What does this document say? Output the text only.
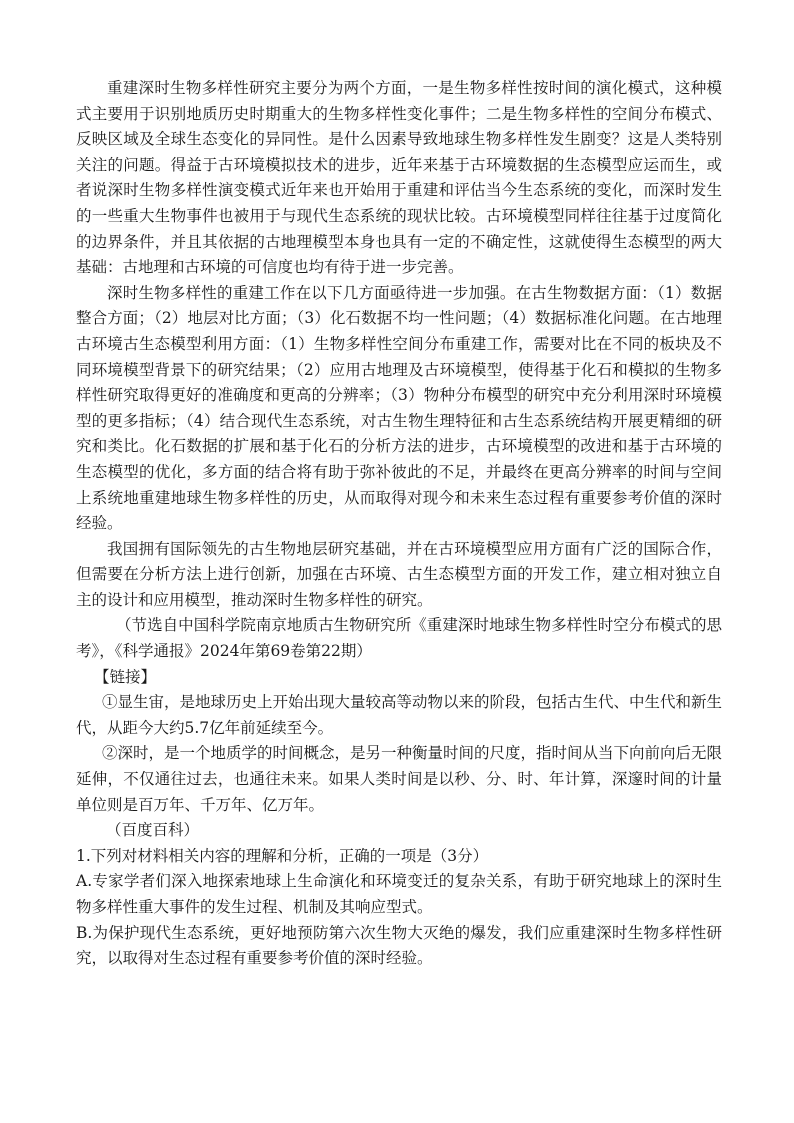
重建深时生物多样性研究主要分为两个方面，一是生物多样性按时间的演化模式，这种模式主要用于识别地质历史时期重大的生物多样性变化事件；二是生物多样性的空间分布模式、反映区域及全球生态变化的异同性。是什么因素导致地球生物多样性发生剧变？这是人类特别关注的问题。得益于古环境模拟技术的进步，近年来基于古环境数据的生态模型应运而生，或者说深时生物多样性演变模式近年来也开始用于重建和评估当今生态系统的变化，而深时发生的一些重大生物事件也被用于与现代生态系统的现状比较。古环境模型同样往往基于过度简化的边界条件，并且其依据的古地理模型本身也具有一定的不确定性，这就使得生态模型的两大基础：古地理和古环境的可信度也均有待于进一步完善。

深时生物多样性的重建工作在以下几方面亟待进一步加强。在古生物数据方面：（1）数据整合方面；（2）地层对比方面；（3）化石数据不均一性问题；（4）数据标准化问题。在古地理古环境古生态模型利用方面：（1）生物多样性空间分布重建工作，需要对比在不同的板块及不同环境模型背景下的研究结果；（2）应用古地理及古环境模型，使得基于化石和模拟的生物多样性研究取得更好的准确度和更高的分辨率；（3）物种分布模型的研究中充分利用深时环境模型的更多指标；（4）结合现代生态系统，对古生物生理特征和古生态系统结构开展更精细的研究和类比。化石数据的扩展和基于化石的分析方法的进步，古环境模型的改进和基于古环境的生态模型的优化，多方面的结合将有助于弥补彼此的不足，并最终在更高分辨率的时间与空间上系统地重建地球生物多样性的历史，从而取得对现今和未来生态过程有重要参考价值的深时经验。

我国拥有国际领先的古生物地层研究基础，并在古环境模型应用方面有广泛的国际合作，但需要在分析方法上进行创新，加强在古环境、古生态模型方面的开发工作，建立相对独立自主的设计和应用模型，推动深时生物多样性的研究。

（节选自中国科学院南京地质古生物研究所《重建深时地球生物多样性时空分布模式的思考》，《科学通报》2024年第69卷第22期）

【链接】

①显生宙，是地球历史上开始出现大量较高等动物以来的阶段，包括古生代、中生代和新生代，从距今大约5.7亿年前延续至今。

②深时，是一个地质学的时间概念，是另一种衡量时间的尺度，指时间从当下向前向后无限延伸，不仅通往过去，也通往未来。如果人类时间是以秒、分、时、年计算，深邃时间的计量单位则是百万年、千万年、亿万年。

（百度百科）

1.下列对材料相关内容的理解和分析，正确的一项是（3分）

A.专家学者们深入地探索地球上生命演化和环境变迁的复杂关系，有助于研究地球上的深时生物多样性重大事件的发生过程、机制及其响应型式。

B.为保护现代生态系统，更好地预防第六次生物大灭绝的爆发，我们应重建深时生物多样性研究，以取得对生态过程有重要参考价值的深时经验。
